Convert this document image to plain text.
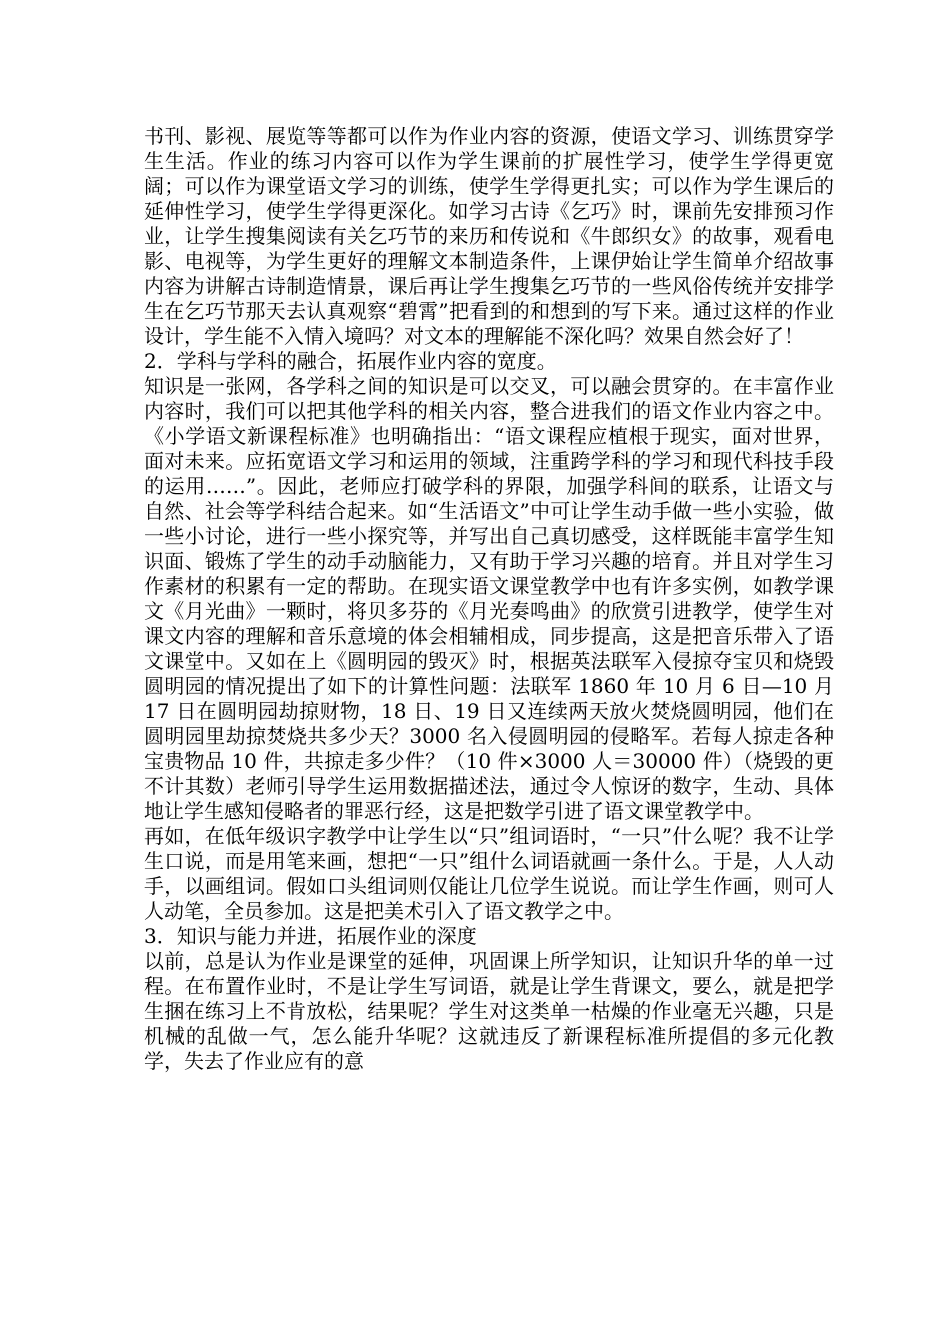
书刊、影视、展览等等都可以作为作业内容的资源，使语文学习、训练贯穿学生生活。作业的练习内容可以作为学生课前的扩展性学习，使学生学得更宽阔；可以作为课堂语文学习的训练，使学生学得更扎实；可以作为学生课后的延伸性学习，使学生学得更深化。如学习古诗《乞巧》时，课前先安排预习作业，让学生搜集阅读有关乞巧节的来历和传说和《牛郎织女》的故事，观看电影、电视等，为学生更好的理解文本制造条件，上课伊始让学生简单介绍故事内容为讲解古诗制造情景，课后再让学生搜集乞巧节的一些风俗传统并安排学生在乞巧节那天去认真观察“碧霄”把看到的和想到的写下来。通过这样的作业设计，学生能不入情入境吗？对文本的理解能不深化吗？效果自然会好了！

2．学科与学科的融合，拓展作业内容的宽度。

知识是一张网，各学科之间的知识是可以交叉，可以融会贯穿的。在丰富作业内容时，我们可以把其他学科的相关内容，整合进我们的语文作业内容之中。《小学语文新课程标准》也明确指出：“语文课程应植根于现实，面对世界，面对未来。应拓宽语文学习和运用的领域，注重跨学科的学习和现代科技手段的运用……”。因此，老师应打破学科的界限，加强学科间的联系，让语文与自然、社会等学科结合起来。如“生活语文”中可让学生动手做一些小实验，做一些小讨论，进行一些小探究等，并写出自己真切感受，这样既能丰富学生知识面、锻炼了学生的动手动脑能力，又有助于学习兴趣的培育。并且对学生习作素材的积累有一定的帮助。在现实语文课堂教学中也有许多实例，如教学课文《月光曲》一颗时，将贝多芬的《月光奏鸣曲》的欣赏引进教学，使学生对课文内容的理解和音乐意境的体会相辅相成，同步提高，这是把音乐带入了语文课堂中。又如在上《圆明园的毁灭》时，根据英法联军入侵掠夺宝贝和烧毁圆明园的情况提出了如下的计算性问题：法联军 1860 年 10 月 6 日—10 月 17 日在圆明园劫掠财物，18 日、19 日又连续两天放火焚烧圆明园，他们在圆明园里劫掠焚烧共多少天？3000 名入侵圆明园的侵略军。若每人掠走各种宝贵物品 10 件，共掠走多少件？（10 件×3000 人＝30000 件）（烧毁的更不计其数）老师引导学生运用数据描述法，通过令人惊讶的数字，生动、具体地让学生感知侵略者的罪恶行经，这是把数学引进了语文课堂教学中。

再如，在低年级识字教学中让学生以“只”组词语时，“一只”什么呢？我不让学生口说，而是用笔来画，想把“一只”组什么词语就画一条什么。于是，人人动手，以画组词。假如口头组词则仅能让几位学生说说。而让学生作画，则可人人动笔，全员参加。这是把美术引入了语文教学之中。

3．知识与能力并进，拓展作业的深度

以前，总是认为作业是课堂的延伸，巩固课上所学知识，让知识升华的单一过程。在布置作业时，不是让学生写词语，就是让学生背课文，要么，就是把学生捆在练习上不肯放松，结果呢？学生对这类单一枯燥的作业毫无兴趣，只是机械的乱做一气，怎么能升华呢？这就违反了新课程标准所提倡的多元化教学，失去了作业应有的意
